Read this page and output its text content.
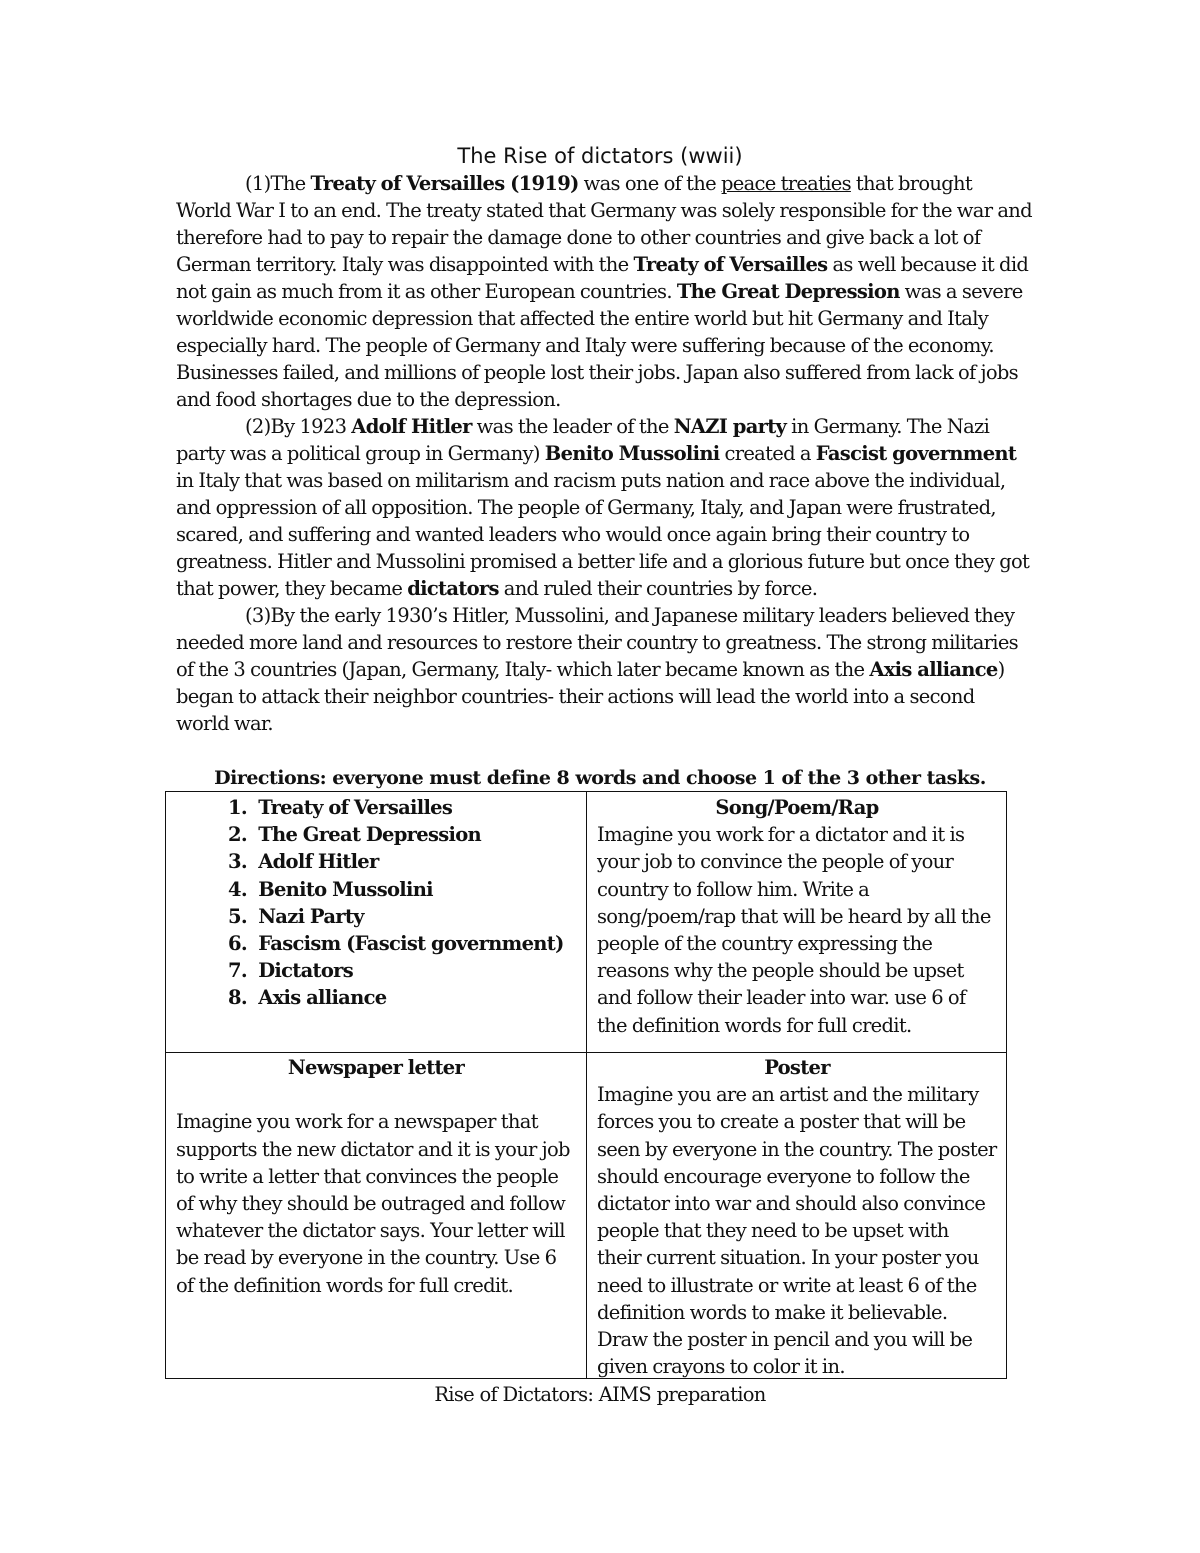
The Rise of dictators (wwii)

(1)The Treaty of Versailles (1919) was one of the peace treaties that brought World War I to an end. The treaty stated that Germany was solely responsible for the war and therefore had to pay to repair the damage done to other countries and give back a lot of German territory. Italy was disappointed with the Treaty of Versailles as well because it did not gain as much from it as other European countries. The Great Depression was a severe worldwide economic depression that affected the entire world but hit Germany and Italy especially hard. The people of Germany and Italy were suffering because of the economy. Businesses failed, and millions of people lost their jobs. Japan also suffered from lack of jobs and food shortages due to the depression.

(2)By 1923 Adolf Hitler was the leader of the NAZI party in Germany. The Nazi party was a political group in Germany) Benito Mussolini created a Fascist government in Italy that was based on militarism and racism puts nation and race above the individual, and oppression of all opposition. The people of Germany, Italy, and Japan were frustrated, scared, and suffering and wanted leaders who would once again bring their country to greatness. Hitler and Mussolini promised a better life and a glorious future but once they got that power, they became dictators and ruled their countries by force.

(3)By the early 1930’s Hitler, Mussolini, and Japanese military leaders believed they needed more land and resources to restore their country to greatness. The strong militaries of the 3 countries (Japan, Germany, Italy- which later became known as the Axis alliance) began to attack their neighbor countries- their actions will lead the world into a second world war.

Directions: everyone must define 8 words and choose 1 of the 3 other tasks.

1. Treaty of Versailles
2. The Great Depression
3. Adolf Hitler
4. Benito Mussolini
5. Nazi Party
6. Fascism (Fascist government)
7. Dictators
8. Axis alliance

Song/Poem/Rap

Imagine you work for a dictator and it is your job to convince the people of your country to follow him. Write a song/poem/rap that will be heard by all the people of the country expressing the reasons why the people should be upset and follow their leader into war. use 6 of the definition words for full credit.

Newspaper letter

Imagine you work for a newspaper that supports the new dictator and it is your job to write a letter that convinces the people of why they should be outraged and follow whatever the dictator says. Your letter will be read by everyone in the country. Use 6 of the definition words for full credit.

Poster

Imagine you are an artist and the military forces you to create a poster that will be seen by everyone in the country. The poster should encourage everyone to follow the dictator into war and should also convince people that they need to be upset with their current situation. In your poster you need to illustrate or write at least 6 of the definition words to make it believable. Draw the poster in pencil and you will be given crayons to color it in.

Rise of Dictators: AIMS preparation
